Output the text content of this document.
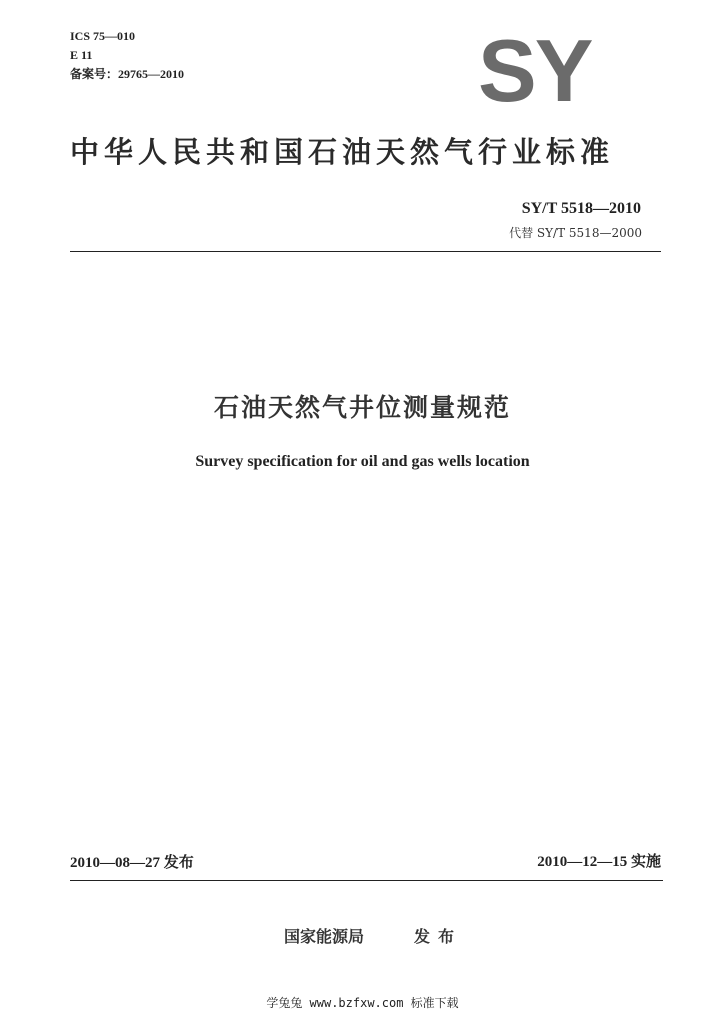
ICS 75—010
E 11
备案号：29765—2010	SY
中华人民共和国石油天然气行业标准
SY/T 5518—2010
代替 SY/T 5518—2000
石油天然气井位测量规范
Survey specification for oil and gas wells location
2010—08—27 发布	2010—12—15 实施
国家能源局	发布
学兔兔 www.bzfxw.com 标准下载
